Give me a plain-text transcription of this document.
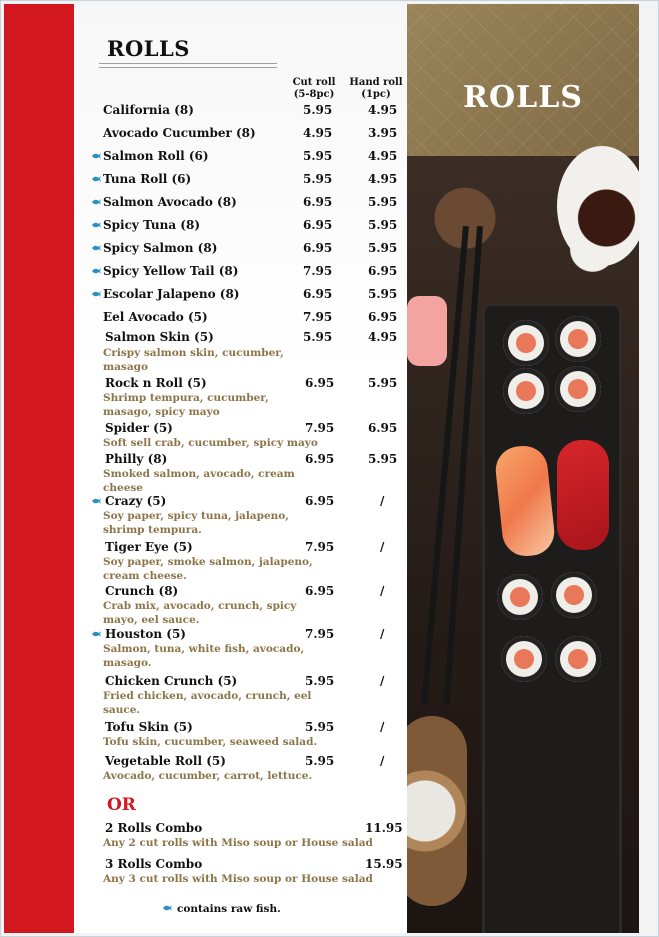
ROLLS
ROLLS
Cut roll
(5-8pc)
Hand roll
(1pc)
California (8)	5.95	4.95
Avocado Cucumber (8)	4.95	3.95
Salmon Roll (6)	5.95	4.95
Tuna Roll (6)	5.95	4.95
Salmon Avocado (8)	6.95	5.95
Spicy Tuna (8)	6.95	5.95
Spicy Salmon (8)	6.95	5.95
Spicy Yellow Tail (8)	7.95	6.95
Escolar Jalapeno (8)	6.95	5.95
Eel Avocado (5)	7.95	6.95
Salmon Skin (5)	5.95	4.95
Crispy salmon skin, cucumber, masago
Rock n Roll (5)	6.95	5.95
Shrimp tempura, cucumber, masago, spicy mayo
Spider (5)	7.95	6.95
Soft sell crab, cucumber, spicy mayo
Philly (8)	6.95	5.95
Smoked salmon, avocado, cream cheese
Crazy (5)	6.95	/
Soy paper, spicy tuna, jalapeno, shrimp tempura.
Tiger Eye (5)	7.95	/
Soy paper, smoke salmon, jalapeno, cream cheese.
Crunch (8)	6.95	/
Crab mix, avocado, crunch, spicy mayo, eel sauce.
Houston (5)	7.95	/
Salmon, tuna, white fish, avocado, masago.
Chicken Crunch (5)	5.95	/
Fried chicken, avocado, crunch, eel sauce.
Tofu Skin (5)	5.95	/
Tofu skin, cucumber, seaweed salad.
Vegetable Roll (5)	5.95	/
Avocado, cucumber, carrot, lettuce.
OR
2 Rolls Combo	11.95
Any 2 cut rolls with Miso soup or House salad
3 Rolls Combo	15.95
Any 3 cut rolls with Miso soup or House salad
contains raw fish.
